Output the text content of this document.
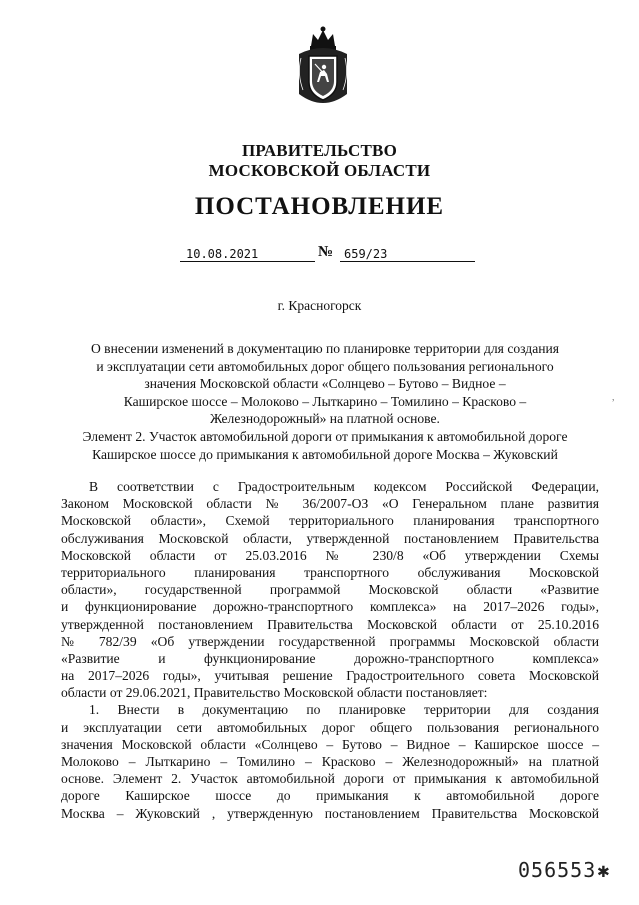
ПРАВИТЕЛЬСТВО
МОСКОВСКОЙ ОБЛАСТИ
ПОСТАНОВЛЕНИЕ
10.08.2021	№ 659/23
г. Красногорск
О внесении изменений в документацию по планировке территории для создания
и эксплуатации сети автомобильных дорог общего пользования регионального
значения Московской области «Солнцево – Бутово – Видное –
Каширское шоссе – Молоково – Лыткарино – Томилино – Красково –
Железнодорожный» на платной основе.
Элемент 2. Участок автомобильной дороги от примыкания к автомобильной дороге
Каширское шоссе до примыкания к автомобильной дороге Москва – Жуковский
,
В соответствии с Градостроительным кодексом Российской Федерации,
Законом Московской области № 36/2007-ОЗ «О Генеральном плане развития
Московской области», Схемой территориального планирования транспортного
обслуживания Московской области, утвержденной постановлением Правительства
Московской области от 25.03.2016 № 230/8 «Об утверждении Схемы
территориального планирования транспортного обслуживания Московской
области», государственной программой Московской области «Развитие
и функционирование дорожно-транспортного комплекса» на 2017–2026 годы»,
утвержденной постановлением Правительства Московской области от 25.10.2016
№ 782/39 «Об утверждении государственной программы Московской области
«Развитие и функционирование дорожно-транспортного комплекса»
на 2017–2026 годы», учитывая решение Градостроительного совета Московской
области от 29.06.2021, Правительство Московской области постановляет:
1. Внести в документацию по планировке территории для создания
и эксплуатации сети автомобильных дорог общего пользования регионального
значения Московской области «Солнцево – Бутово – Видное – Каширское шоссе –
Молоково – Лыткарино – Томилино – Красково – Железнодорожный» на платной
основе. Элемент 2. Участок автомобильной дороги от примыкания к автомобильной
дороге Каширское шоссе до примыкания к автомобильной дороге
Москва – Жуковский , утвержденную постановлением Правительства Московской
056553✱
